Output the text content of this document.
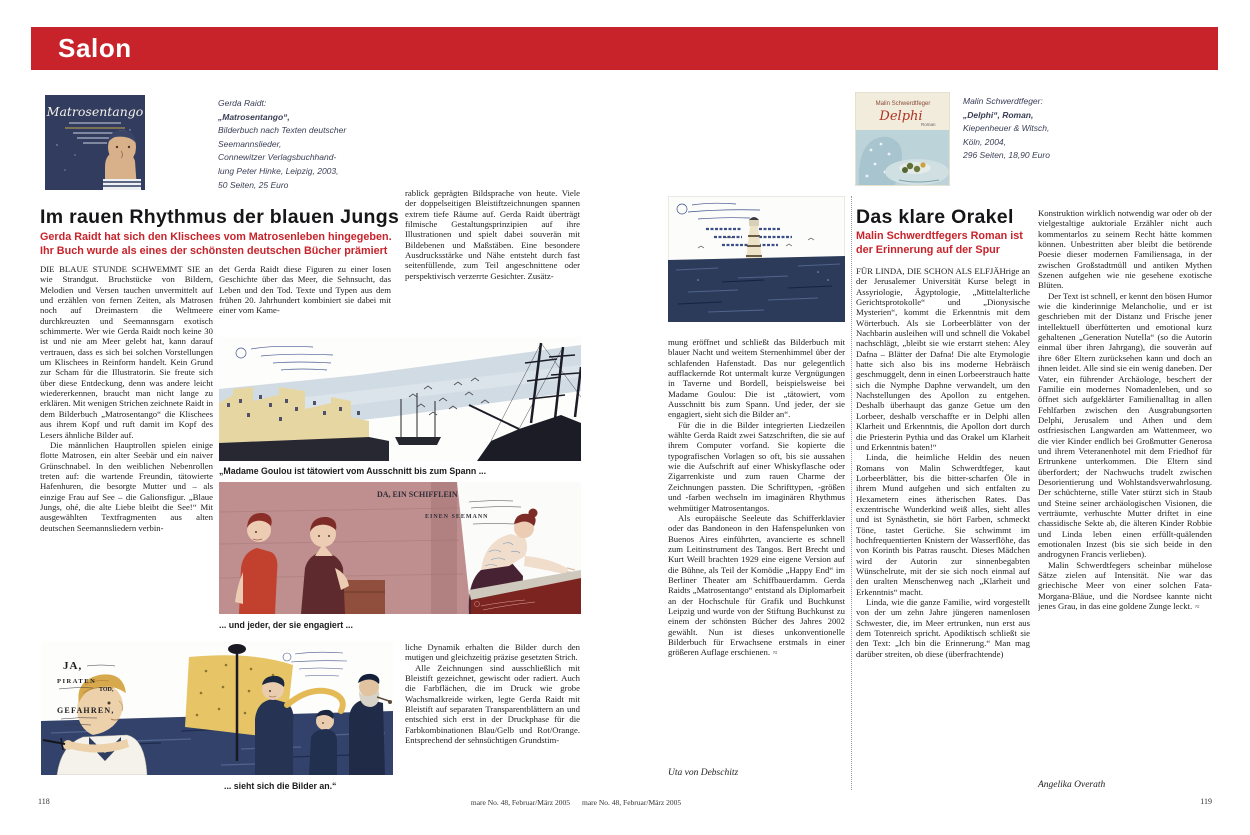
Salon
Matrosentango
Gerda Raidt:
„Matrosentango“,
Bilderbuch nach Texten deutscher
Seemannslieder,
Connewitzer Verlagsbuchhand-
lung Peter Hinke, Leipzig, 2003,
50 Seiten, 25 Euro
Im rauen Rhythmus der blauen Jungs
Gerda Raidt hat sich den Klischees vom Matrosenleben hingegeben. Ihr Buch wurde als eines der schönsten deutschen Bücher prämiert

DIE BLAUE STUNDE SCHWEMMT SIE an wie Strandgut. Bruchstücke von Bildern, Melodien und Versen tauchen unvermittelt auf und erzählen von fernen Zeiten, als Matrosen noch auf Dreimastern die Weltmeere durchkreuzten und Seemannsgarn exotisch schimmerte. Wer wie Gerda Raidt noch keine 30 ist und nie am Meer gelebt hat, kann darauf vertrauen, dass es sich bei solchen Vorstellungen um Klischees in Reinform handelt. Kein Grund zur Scham für die Illustratorin. Sie freute sich über diese Entdeckung, denn was andere leicht wiedererkennen, braucht man nicht lange zu erklären. Mit wenigen Strichen zeichnete Raidt in dem Bilderbuch „Matrosentango“ die Klischees aus ihrem Kopf und ruft damit im Kopf des Lesers ähnliche Bilder auf.

Die männlichen Hauptrollen spielen einige flotte Matrosen, ein alter Seebär und ein naiver Grünschnabel. In den weiblichen Nebenrollen treten auf: die wartende Freundin, tätowierte Hafenhuren, die besorgte Mutter und – als einzige Frau auf See – die Galionsfigur. „Blaue Jungs, ohé, die alte Liebe bleibt die See!“ Mit ausgewählten Textfragmenten aus alten deutschen Seemannsliedern verbin-

det Gerda Raidt diese Figuren zu einer losen Geschichte über das Meer, die Sehnsucht, das Leben und den Tod. Texte und Typen aus dem frühen 20. Jahrhundert kombiniert sie dabei mit einer vom Kame-

rablick geprägten Bildsprache von heute. Viele der doppelseitigen Bleistiftzeichnungen spannen extrem tiefe Räume auf. Gerda Raidt überträgt filmische Gestaltungsprinzipien auf ihre Illustrationen und spielt dabei souverän mit Bildebenen und Maßstäben. Eine besondere Ausdrucksstärke und Nähe entsteht durch fast seitenfüllende, zum Teil angeschnittene oder perspektivisch verzerrte Gesichter. Zusätz-

liche Dynamik erhalten die Bilder durch den mutigen und gleichzeitig präzise gesetzten Strich.

Alle Zeichnungen sind ausschließlich mit Bleistift gezeichnet, gewischt oder radiert. Auch die Farbflächen, die im Druck wie grobe Wachsmalkreide wirken, legte Gerda Raidt mit Bleistift auf separaten Transparentblättern an und entschied sich erst in der Druckphase für die Farbkombinationen Blau/Gelb und Rot/Orange. Entsprechend der sehnsüchtigen Grundstim-

„Madame Goulou ist tätowiert vom Ausschnitt bis zum Spann ...
DA, EIN SCHIFFLEIN
EINEN SEEMANN
... und jeder, der sie engagiert ...
JA,
PIRATEN
TOD,
GEFAHREN,
... sieht sich die Bilder an.“

mung eröffnet und schließt das Bilderbuch mit blauer Nacht und weitem Sternenhimmel über der schlafenden Hafenstadt. Das nur gelegentlich aufflackernde Rot untermalt kurze Vergnügungen in Taverne und Bordell, beispielsweise bei Madame Goulou: Die ist „tätowiert, vom Ausschnitt bis zum Spann. Und jeder, der sie engagiert, sieht sich die Bilder an“.

Für die in die Bilder integrierten Liedzeilen wählte Gerda Raidt zwei Satzschriften, die sie auf ihrem Computer vorfand. Sie kopierte die typografischen Vorlagen so oft, bis sie aussahen wie die Aufschrift auf einer Whiskyflasche oder Zigarrenkiste und zum rauen Charme der Zeichnungen passten. Die Schrifttypen, -größen und -farben wechseln im imaginären Rhythmus wehmütiger Matrosentangos.

Als europäische Seeleute das Schifferklavier oder das Bandoneon in den Hafenspelunken von Buenos Aires einführten, avancierte es schnell zum Leitinstrument des Tangos. Bert Brecht und Kurt Weill brachten 1929 eine eigene Version auf die Bühne, als Teil der Komödie „Happy End“ im Berliner Theater am Schiffbauerdamm. Gerda Raidts „Matrosentango“ entstand als Diplomarbeit an der Hochschule für Grafik und Buchkunst Leipzig und wurde von der Stiftung Buchkunst zu einem der schönsten Bücher des Jahres 2002 gewählt. Nun ist dieses unkonventionelle Bilderbuch für Erwachsene erstmals in einer größeren Auflage erschienen. ≈

Uta von Debschitz
Malin Schwerdtfeger
Delphi
Roman
Malin Schwerdtfeger:
„Delphi“, Roman,
Kiepenheuer & Witsch,
Köln, 2004,
296 Seiten, 18,90 Euro
Das klare Orakel
Malin Schwerdtfegers Roman ist der Erinnerung auf der Spur

FÜR LINDA, DIE SCHON ALS ELFJÄHrige an der Jerusalemer Universität Kurse belegt in Assyriologie, Ägyptologie, „Mittelalterliche Gerichtsprotokolle“ und „Dionysische Mysterien“, kommt die Erkenntnis mit dem Wörterbuch. Als sie Lorbeerblätter von der Nachbarin ausleihen will und schnell die Vokabel nachschlägt, „bleibt sie wie erstarrt stehen: Aley Dafna – Blätter der Dafna! Die alte Etymologie hatte sich also bis ins moderne Hebräisch geschmuggelt, denn in einen Lorbeerstrauch hatte sich die Nymphe Daphne verwandelt, um den Nachstellungen des Apollon zu entgehen. Deshalb überhaupt das ganze Getue um den Lorbeer, deshalb verschaffte er in Delphi allen Klarheit und Erkenntnis, die Apollon dort durch die Priesterin Pythia und das Orakel um Klarheit und Erkenntnis baten!“

Linda, die heimliche Heldin des neuen Romans von Malin Schwerdtfeger, kaut Lorbeerblätter, bis die bitter-scharfen Öle in ihrem Mund aufgehen und sich entfalten zu Hexametern eines ätherischen Rates. Das exzentrische Wunderkind weiß alles, sieht alles und ist Synästhetin, sie hört Farben, schmeckt Töne, tastet Gerüche. Sie schwimmt im hochfrequentierten Knistern der Wasserflöhe, das von Korinth bis Patras rauscht. Dieses Mädchen wird der Autorin zur sinnenbegabten Wünschelrute, mit der sie sich noch einmal auf den uralten Menschenweg nach „Klarheit und Erkenntnis“ macht.

Linda, wie die ganze Familie, wird vorgestellt von der um zehn Jahre jüngeren namenlosen Schwester, die, im Meer ertrunken, nun erst aus dem Totenreich spricht. Apodiktisch schließt sie den Text: „Ich bin die Erinnerung.“ Man mag darüber streiten, ob diese (überfrachtende)

Konstruktion wirklich notwendig war oder ob der vielgestaltige auktoriale Erzähler nicht auch kommentarlos zu seinem Recht hätte kommen können. Unbestritten aber bleibt die betörende Poesie dieser modernen Familiensaga, in der zwischen Großstadtmüll und antiken Mythen Szenen aufgehen wie nie gesehene exotische Blüten.

Der Text ist schnell, er kennt den bösen Humor wie die kinderinnige Melancholie, und er ist geschrieben mit der Distanz und Frische jener intellektuell überfütterten und emotional kurz gehaltenen „Generation Nutella“ (so die Autorin einmal über ihren Jahrgang), die souverän auf ihre 68er Eltern zurücksehen kann und doch an ihnen leidet. Alle sind sie ein wenig daneben. Der Vater, ein führender Archäologe, beschert der Familie ein modernes Nomadenleben, und so öffnet sich aufgeklärter Familienalltag in allen Fehlfarben zwischen den Ausgrabungsorten Delphi, Jerusalem und Athen und dem ostfriesischen Langwarden am Wattenmeer, wo die vier Kinder endlich bei Großmutter Generosa und ihrem Veteranenhotel mit dem Friedhof für Ertrunkene unterkommen. Die Eltern sind überfordert; der Nachwuchs trudelt zwischen Desorientierung und Wohlstandsverwahrlosung. Der schüchterne, stille Vater stürzt sich in Staub und Steine seiner archäologischen Visionen, die verträumte, verhuschte Mutter driftet in eine chassidische Sekte ab, die älteren Kinder Robbie und Linda leben einen erfüllt-quälenden emotionalen Inzest (bis sie sich beide in den androgynen Francis verlieben).

Malin Schwerdtfegers scheinbar mühelose Sätze zielen auf Intensität. Nie war das griechische Meer von einer solchen Fata-Morgana-Bläue, und die Nordsee kannte nicht jenes Grau, in das eine goldene Zunge leckt. ≈

Angelika Overath
118	mare No. 48, Februar/März 2005 mare No. 48, Februar/März 2005	119
